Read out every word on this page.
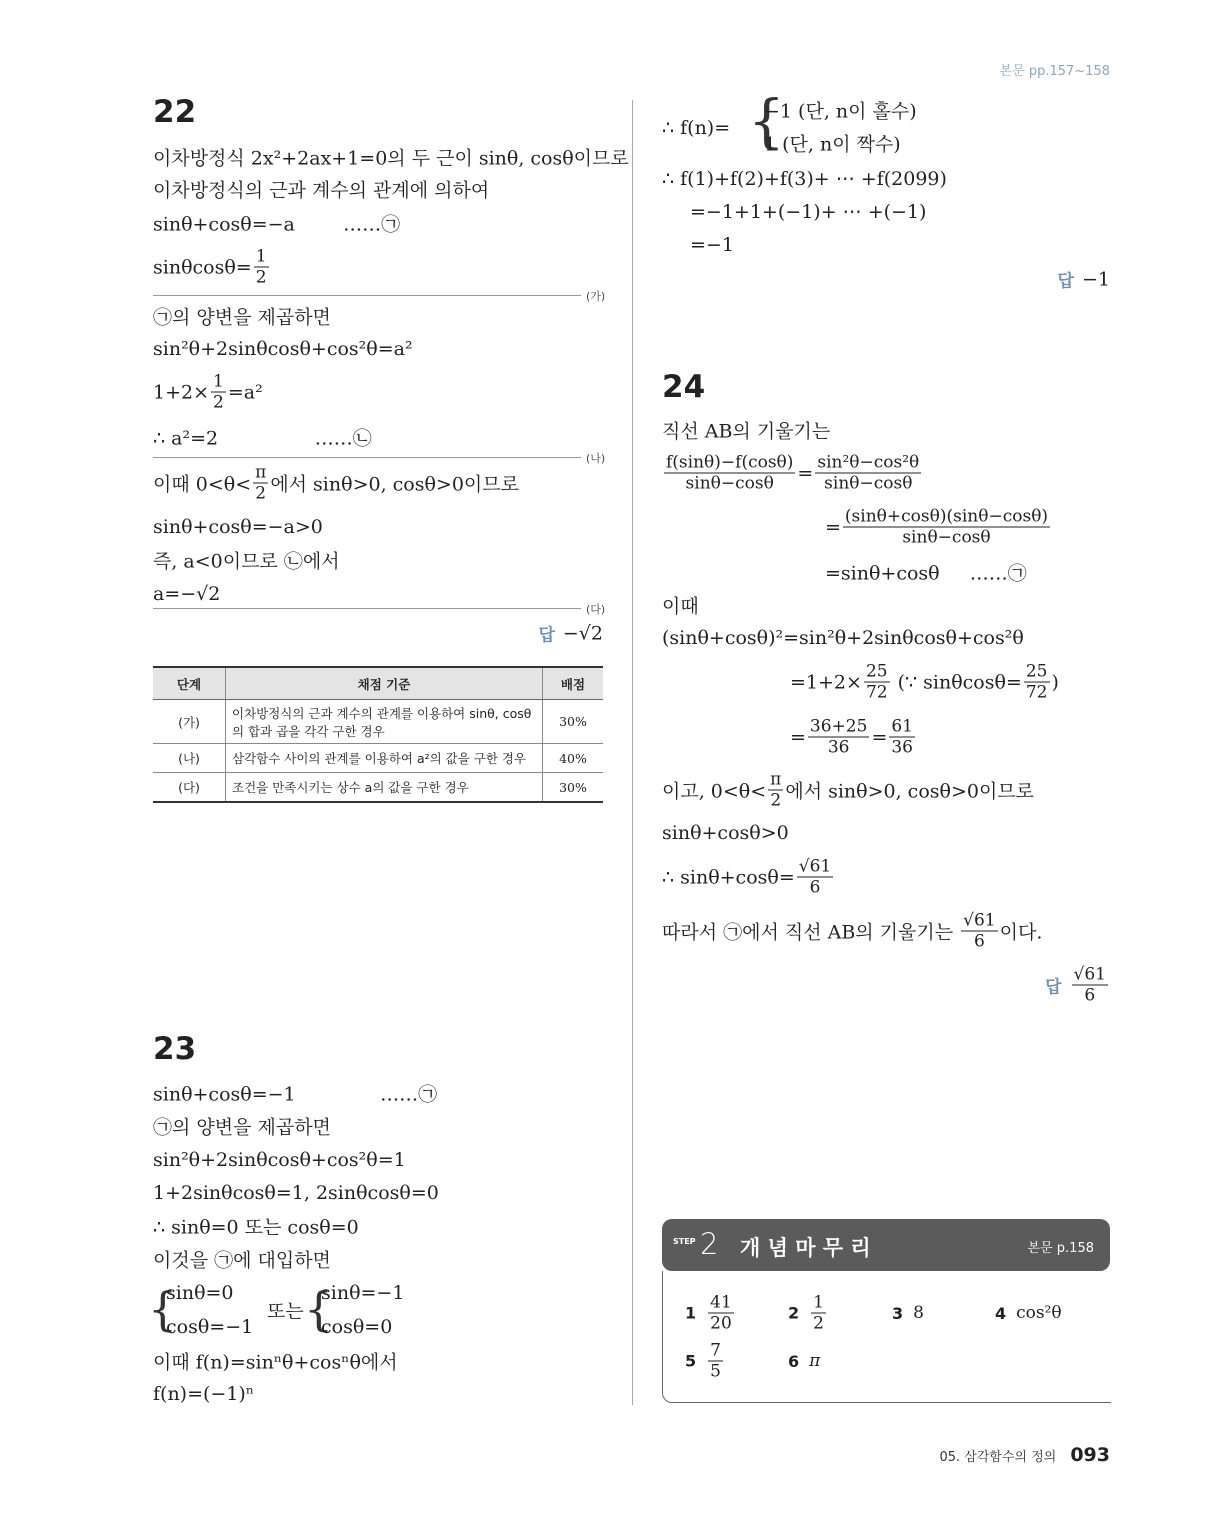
본문 pp.157~158
22
이차방정식 2x²+2ax+1=0의 두 근이 sinθ, cosθ이므로
이차방정식의 근과 계수의 관계에 의하여
sinθ+cosθ=−a        ……㉠
$\sin\theta\cos\theta= \frac{1}{2}$
(가)
㉠의 양변을 제곱하면
sin²θ+2sinθcosθ+cos²θ=a²
$1+2\times \frac{1}{2} =a^2$
∴ a²=2                ……㉡
(나)
이때 $0<\theta< \frac{\pi}{2}$ 에서 sinθ>0, cosθ>0이므로
sinθ+cosθ=−a>0
즉, a<0이므로 ㉡에서
a=−√2
(다)
답 −√2
단계	채점 기준	배점
(가)	이차방정식의 근과 계수의 관계를 이용하여 sinθ, cosθ의 합과 곱을 각각 구한 경우	30%
(나)	삼각함수 사이의 관계를 이용하여 a²의 값을 구한 경우	40%
(다)	조건을 만족시키는 상수 a의 값을 구한 경우	30%
23
sinθ+cosθ=−1              ……㉠
㉠의 양변을 제곱하면
sin²θ+2sinθcosθ+cos²θ=1
1+2sinθcosθ=1, 2sinθcosθ=0
∴ sinθ=0 또는 cosθ=0
이것을 ㉠에 대입하면
{
sinθ=0
cosθ=−1
또는 {
sinθ=−1
cosθ=0
이때 f(n)=sinⁿθ+cosⁿθ에서
f(n)=(−1)ⁿ
∴ f(n)= {
−1 (단, n이 홀수)
1 (단, n이 짝수)
∴ f(1)+f(2)+f(3)+ ⋯ +f(2099)
=−1+1+(−1)+ ⋯ +(−1)
=−1
답 −1
24
직선 AB의 기울기는
$\frac{f(\sin\theta)-f(\cos\theta)}{\sin\theta-\cos\theta} = \frac{\text{sin²θ−cos²θ}}{\sin\theta-\cos\theta}$
= $\frac{(\sin\theta+\cos\theta)(\sin\theta-\cos\theta)}{\sin\theta-\cos\theta}$
=sinθ+cosθ     ……㉠
이때
(sinθ+cosθ)²=sin²θ+2sinθcosθ+cos²θ
$=1+2\times \frac{25}{72}$ (∵ $\sin\theta\cos\theta= \frac{25}{72}$ )
= $\frac{36+25}{36} = \frac{61}{36}$
이고, $0<\theta< \frac{\pi}{2}$ 에서 sinθ>0, cosθ>0이므로
sinθ+cosθ>0
∴ $\sin\theta+\cos\theta= \frac{√61}{6}$
따라서 ㉠에서 직선 AB의 기울기는 $\frac{√61}{6}$ 이다.
답 $\frac{√61}{6}$
STEP 2 개 념 마 무 리	본문 p.158
$1 \frac{41}{20}$	$2 \frac{1}{2}$	3 8	4 cos²θ
$5 \frac{7}{5}$	6 π
05. 삼각함수의 정의 093
